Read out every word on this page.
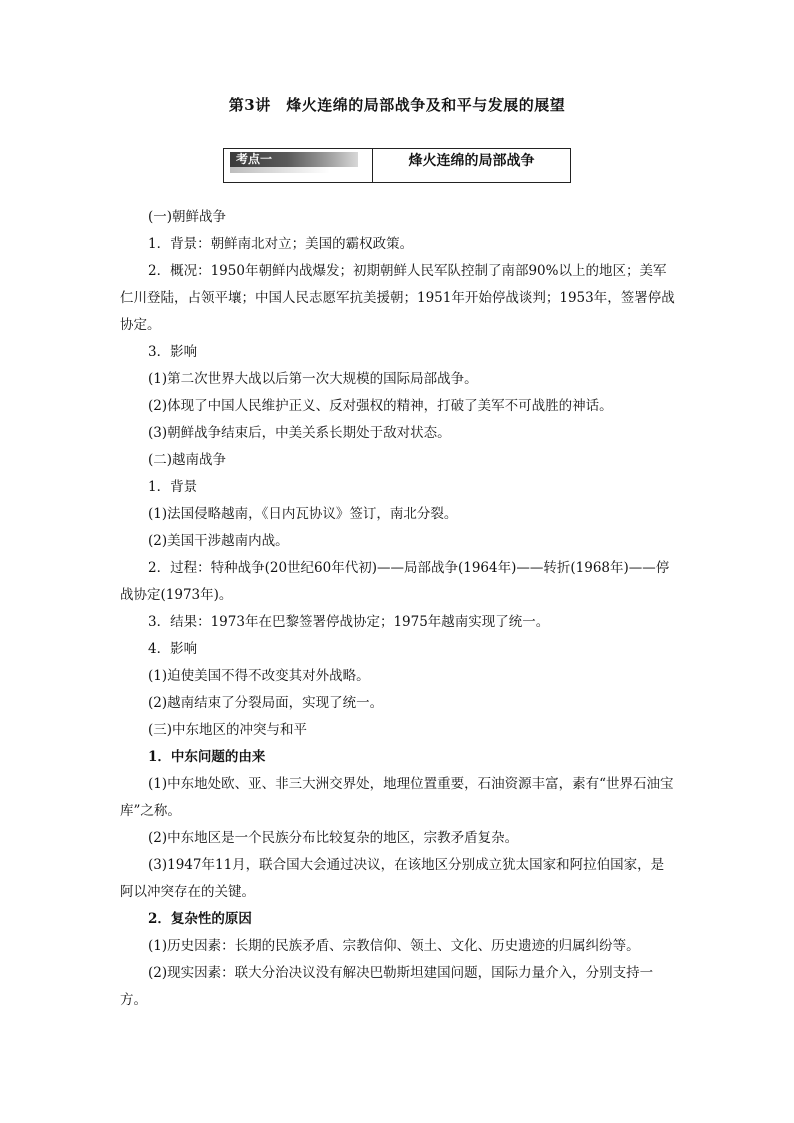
第3讲　烽火连绵的局部战争及和平与发展的展望
考点一	烽火连绵的局部战争

(一)朝鲜战争

1．背景：朝鲜南北对立；美国的霸权政策。

2．概况：1950年朝鲜内战爆发；初期朝鲜人民军队控制了南部90%以上的地区；美军仁川登陆，占领平壤；中国人民志愿军抗美援朝；1951年开始停战谈判；1953年，签署停战协定。

3．影响

(1)第二次世界大战以后第一次大规模的国际局部战争。

(2)体现了中国人民维护正义、反对强权的精神，打破了美军不可战胜的神话。

(3)朝鲜战争结束后，中美关系长期处于敌对状态。

(二)越南战争

1．背景

(1)法国侵略越南，《日内瓦协议》签订，南北分裂。

(2)美国干涉越南内战。

2．过程：特种战争(20世纪60年代初)——局部战争(1964年)——转折(1968年)——停战协定(1973年)。

3．结果：1973年在巴黎签署停战协定；1975年越南实现了统一。

4．影响

(1)迫使美国不得不改变其对外战略。

(2)越南结束了分裂局面，实现了统一。

(三)中东地区的冲突与和平

1．中东问题的由来

(1)中东地处欧、亚、非三大洲交界处，地理位置重要，石油资源丰富，素有“世界石油宝库”之称。

(2)中东地区是一个民族分布比较复杂的地区，宗教矛盾复杂。

(3)1947年11月，联合国大会通过决议，在该地区分别成立犹太国家和阿拉伯国家，是阿以冲突存在的关键。

2．复杂性的原因

(1)历史因素：长期的民族矛盾、宗教信仰、领土、文化、历史遗迹的归属纠纷等。

(2)现实因素：联大分治决议没有解决巴勒斯坦建国问题，国际力量介入，分别支持一方。
